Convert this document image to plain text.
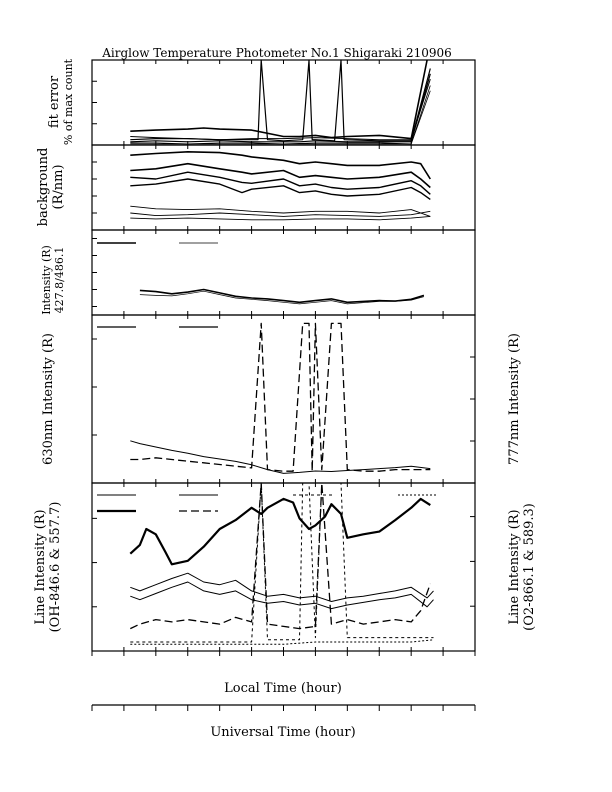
Airglow Temperature Photometer No.1 Shigaraki 210906
fit error % of max count
background (R/nm)
Intensity (R) 427.8/486.1
630nm Intensity (R)	777nm Intensity (R)
Line Intensity (R) (OH-846.6 & 557.7)	Line Intensity (R) (O2-866.1 & 589.3)
Local Time (hour)
Universal Time (hour)
